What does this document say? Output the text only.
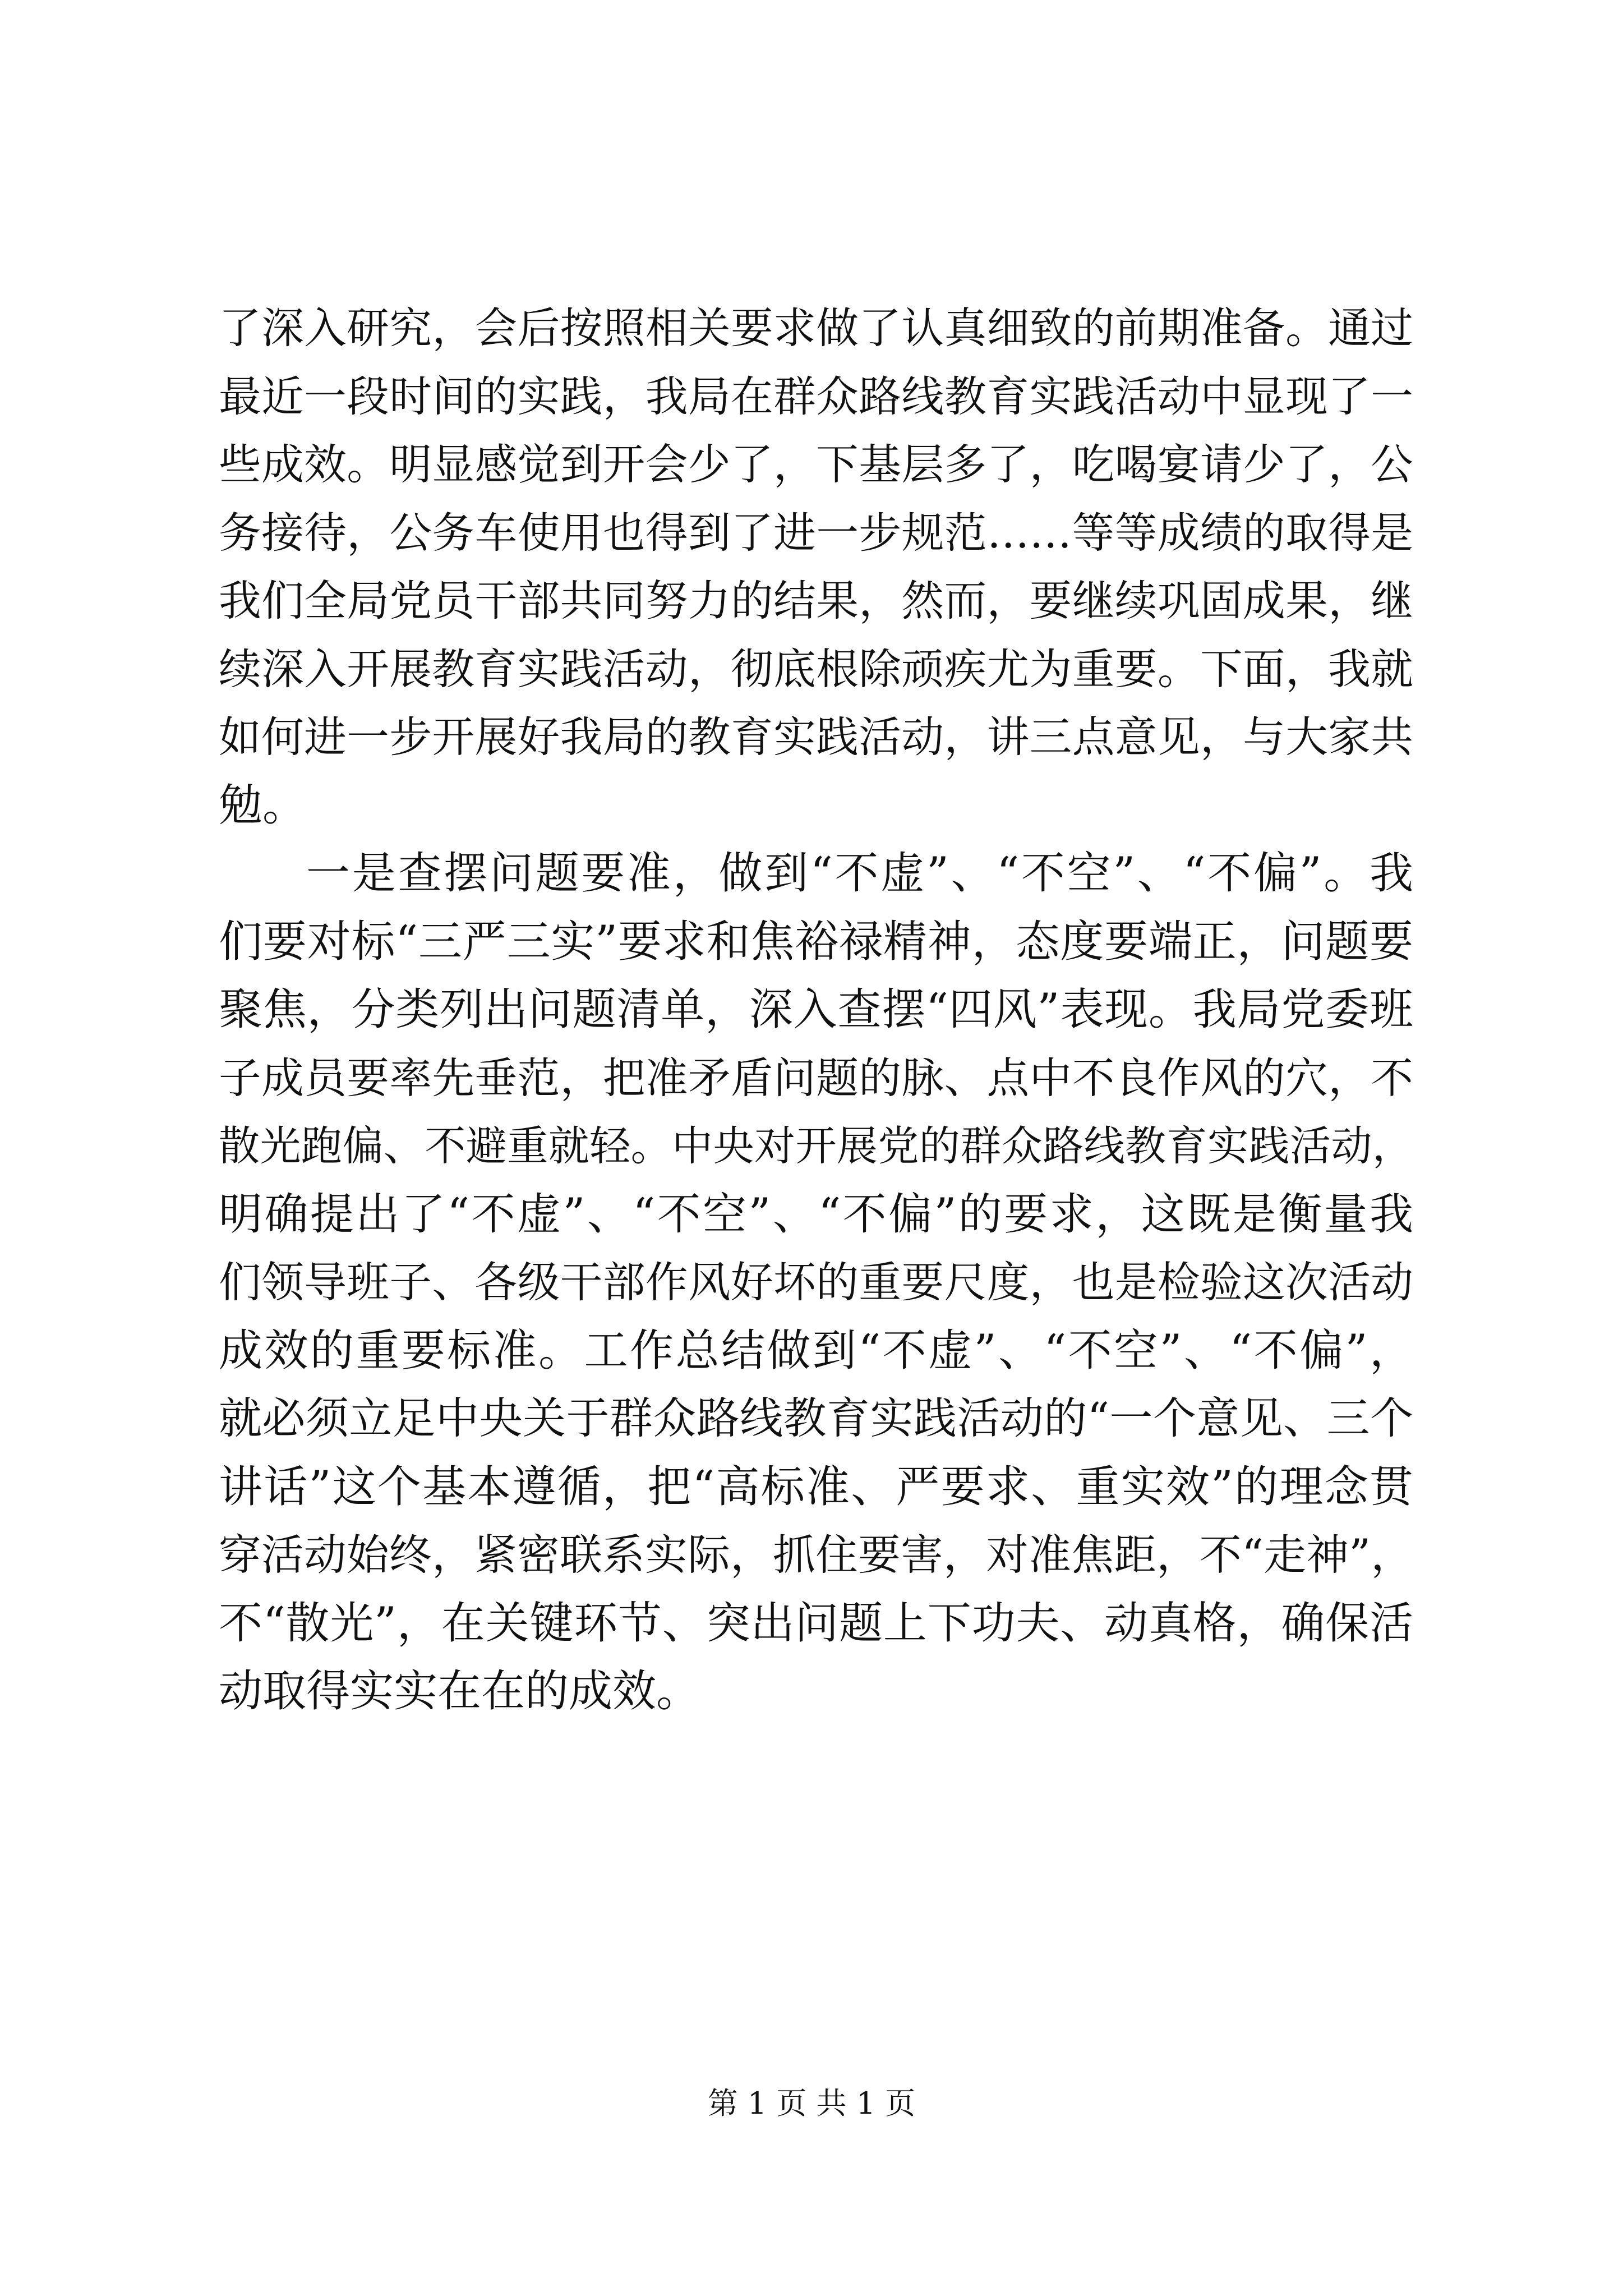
了深入研究，会后按照相关要求做了认真细致的前期准备。通过
最近一段时间的实践，我局在群众路线教育实践活动中显现了一
些成效。明显感觉到开会少了，下基层多了，吃喝宴请少了，公
务接待，公务车使用也得到了进一步规范……等等成绩的取得是
我们全局党员干部共同努力的结果，然而，要继续巩固成果，继
续深入开展教育实践活动，彻底根除顽疾尤为重要。下面，我就
如何进一步开展好我局的教育实践活动，讲三点意见，与大家共
勉。
一是查摆问题要准，做到“不虚”、“不空”、“不偏”。我
们要对标“三严三实”要求和焦裕禄精神，态度要端正，问题要
聚焦，分类列出问题清单，深入查摆“四风”表现。我局党委班
子成员要率先垂范，把准矛盾问题的脉、点中不良作风的穴，不
散光跑偏、不避重就轻。中央对开展党的群众路线教育实践活动，
明确提出了“不虚”、“不空”、“不偏”的要求，这既是衡量我
们领导班子、各级干部作风好坏的重要尺度，也是检验这次活动
成效的重要标准。工作总结做到“不虚”、“不空”、“不偏”，
就必须立足中央关于群众路线教育实践活动的“一个意见、三个
讲话”这个基本遵循，把“高标准、严要求、重实效”的理念贯
穿活动始终，紧密联系实际，抓住要害，对准焦距，不“走神”，
不“散光”，在关键环节、突出问题上下功夫、动真格，确保活
动取得实实在在的成效。
第 1 页 共 1 页
